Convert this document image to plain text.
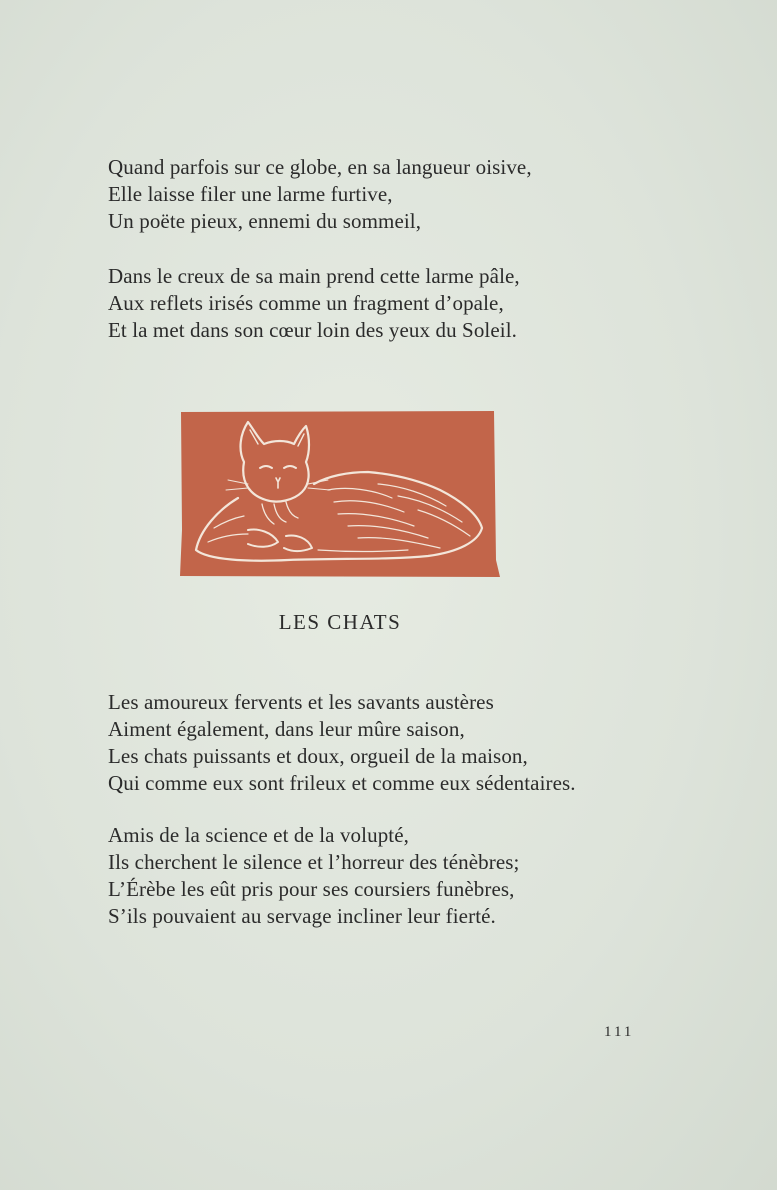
Quand parfois sur ce globe, en sa langueur oisive,
Elle laisse filer une larme furtive,
Un poëte pieux, ennemi du sommeil,
Dans le creux de sa main prend cette larme pâle,
Aux reflets irisés comme un fragment d’opale,
Et la met dans son cœur loin des yeux du Soleil.
LES CHATS
Les amoureux fervents et les savants austères
Aiment également, dans leur mûre saison,
Les chats puissants et doux, orgueil de la maison,
Qui comme eux sont frileux et comme eux sédentaires.
Amis de la science et de la volupté,
Ils cherchent le silence et l’horreur des ténèbres;
L’Érèbe les eût pris pour ses coursiers funèbres,
S’ils pouvaient au servage incliner leur fierté.
111
